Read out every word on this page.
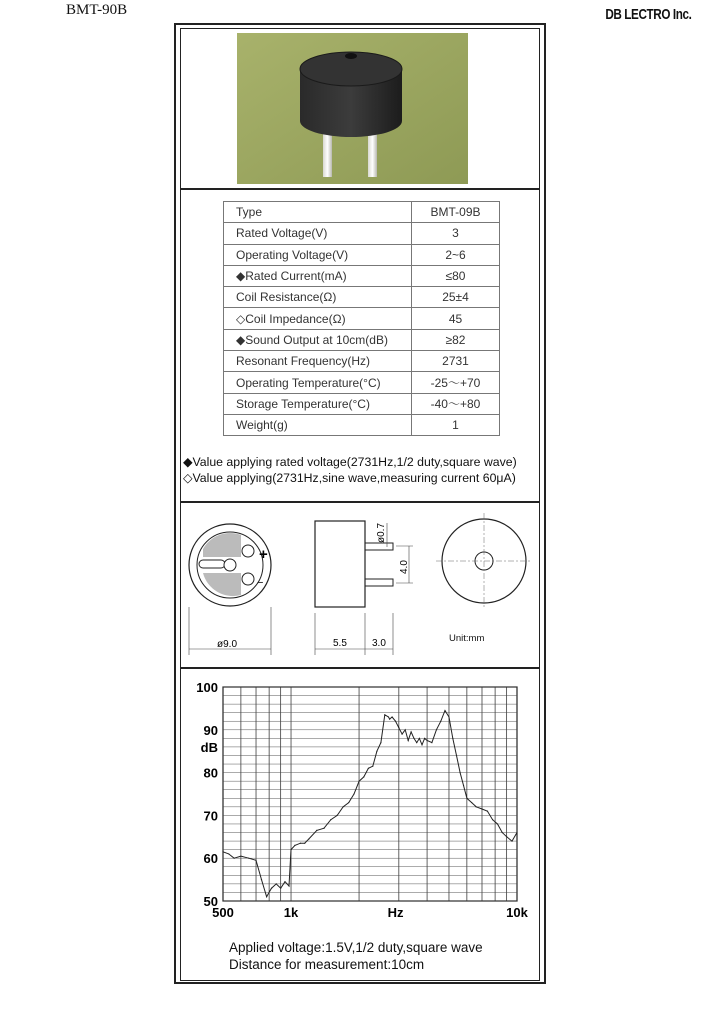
BMT-90B	DB LECTRO Inc.
Type	BMT-09B
Rated Voltage(V)	3
Operating Voltage(V)	2~6
◆Rated Current(mA)	≤80
Coil Resistance(Ω)	25±4
◇Coil Impedance(Ω)	45
◆Sound Output at 10cm(dB)	≥82
Resonant Frequency(Hz)	2731
Operating Temperature(°C)	-25～+70
Storage Temperature(°C)	-40～+80
Weight(g)	1
◆Value applying rated voltage(2731Hz,1/2 duty,square wave)
◇Value applying(2731Hz,sine wave,measuring current 60μA)
+
−
ø9.0	5.5	3.0
4.0
ø0.7
Unit:mm
100
90
dB
80
70
60
50
500	1k	Hz	10k
Applied voltage:1.5V,1/2 duty,square wave
Distance for measurement:10cm
